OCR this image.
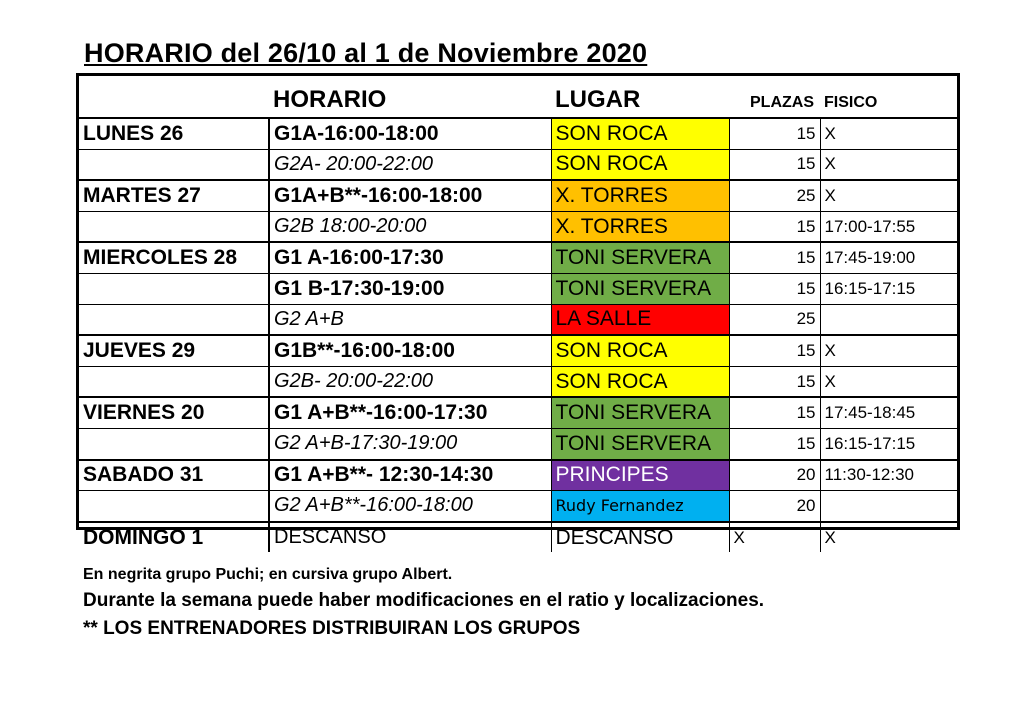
HORARIO del 26/10 al 1 de Noviembre 2020
	HORARIO	LUGAR	PLAZAS	FISICO
LUNES 26	G1A-16:00-18:00	SON ROCA	15	X
	G2A- 20:00-22:00	SON ROCA	15	X
MARTES 27	G1A+B**-16:00-18:00	X. TORRES	25	X
	G2B 18:00-20:00	X. TORRES	15	17:00-17:55
MIERCOLES 28	G1 A-16:00-17:30	TONI SERVERA	15	17:45-19:00
	G1 B-17:30-19:00	TONI SERVERA	15	16:15-17:15
	G2 A+B	LA SALLE	25	
JUEVES 29	G1B**-16:00-18:00	SON ROCA	15	X
	G2B- 20:00-22:00	SON ROCA	15	X
VIERNES 20	G1 A+B**-16:00-17:30	TONI SERVERA	15	17:45-18:45
	G2 A+B-17:30-19:00	TONI SERVERA	15	16:15-17:15
SABADO 31	G1 A+B**- 12:30-14:30	PRINCIPES	20	11:30-12:30
	G2 A+B**-16:00-18:00	Rudy Fernandez	20	
DOMINGO 1	DESCANSO	DESCANSO	X	X
En negrita grupo Puchi; en cursiva grupo Albert.
Durante la semana puede haber modificaciones en el ratio y localizaciones.
** LOS ENTRENADORES DISTRIBUIRAN LOS GRUPOS
